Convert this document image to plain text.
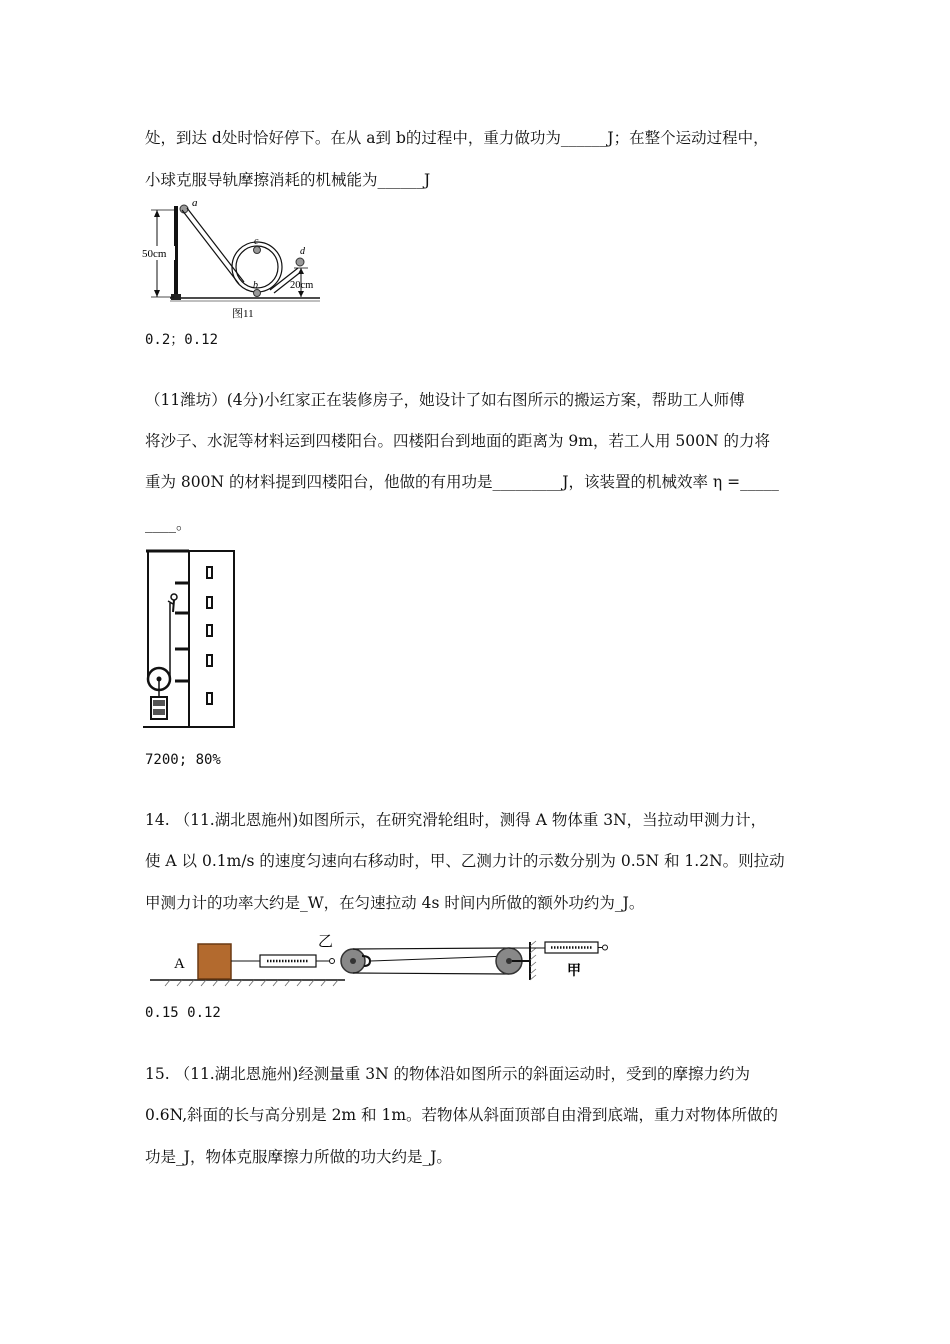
处，到达 d处时恰好停下。在从 a到 b的过程中，重力做功为______J；在整个运动过程中，
小球克服导轨摩擦消耗的机械能为______J
50cm
a
c
b
d
20cm
图11
0.2；0.12
（11潍坊）(4分)小红家正在装修房子，她设计了如右图所示的搬运方案，帮助工人师傅
将沙子、水泥等材料运到四楼阳台。四楼阳台到地面的距离为 9m，若工人用 500N 的力将
重为 800N 的材料提到四楼阳台，他做的有用功是_________J，该装置的机械效率 η =_____
____。
7200; 80%
14. （11.湖北恩施州)如图所示，在研究滑轮组时，测得 A 物体重 3N，当拉动甲测力计，
使 A 以 0.1m/s 的速度匀速向右移动时，甲、乙测力计的示数分别为 0.5N 和 1.2N。则拉动
甲测力计的功率大约是_W，在匀速拉动 4s 时间内所做的额外功约为_J。
A
乙
甲
0.15 0.12
15. （11.湖北恩施州)经测量重 3N 的物体沿如图所示的斜面运动时，受到的摩擦力约为
0.6N,斜面的长与高分别是 2m 和 1m。若物体从斜面顶部自由滑到底端，重力对物体所做的
功是_J，物体克服摩擦力所做的功大约是_J。
